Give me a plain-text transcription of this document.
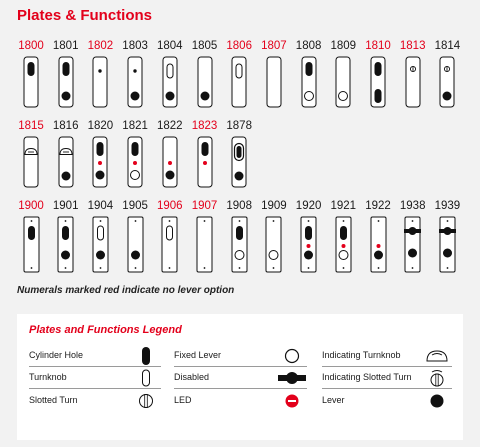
Plates & Functions
1800 1801 1802 1803 1804 1805 1806 1807 1808 1809 1810 1813 1814
1815 1816 1820 1821 1822 1823 1878
1900 1901 1904 1905 1906 1907 1908 1909 1920 1921 1922 1938 1939
Numerals marked red indicate no lever option
Plates and Functions Legend
Cylinder Hole
Turnknob
Slotted Turn
Fixed Lever
Disabled
LED
Indicating Turnknob
Indicating Slotted Turn
Lever
